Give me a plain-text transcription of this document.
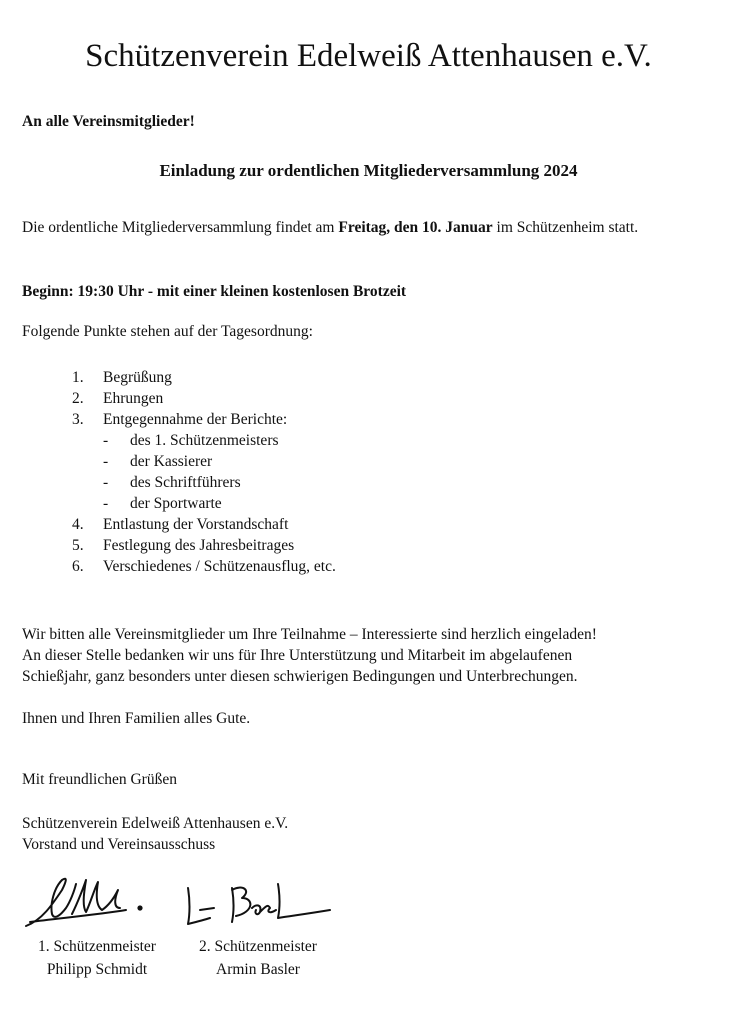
Schützenverein Edelweiß Attenhausen e.V.
An alle Vereinsmitglieder!
Einladung zur ordentlichen Mitgliederversammlung 2024
Die ordentliche Mitgliederversammlung findet am Freitag, den 10. Januar im Schützenheim statt.
Beginn: 19:30 Uhr - mit einer kleinen kostenlosen Brotzeit
Folgende Punkte stehen auf der Tagesordnung:
1. Begrüßung
2. Ehrungen
3. Entgegennahme der Berichte:
- des 1. Schützenmeisters
- der Kassierer
- des Schriftführers
- der Sportwarte
4. Entlastung der Vorstandschaft
5. Festlegung des Jahresbeitrages
6. Verschiedenes / Schützenausflug, etc.
Wir bitten alle Vereinsmitglieder um Ihre Teilnahme – Interessierte sind herzlich eingeladen!
An dieser Stelle bedanken wir uns für Ihre Unterstützung und Mitarbeit im abgelaufenen
Schießjahr, ganz besonders unter diesen schwierigen Bedingungen und Unterbrechungen.
Ihnen und Ihren Familien alles Gute.
Mit freundlichen Grüßen
Schützenverein Edelweiß Attenhausen e.V.
Vorstand und Vereinsausschuss
1. Schützenmeister
Philipp Schmidt
2. Schützenmeister
Armin Basler
